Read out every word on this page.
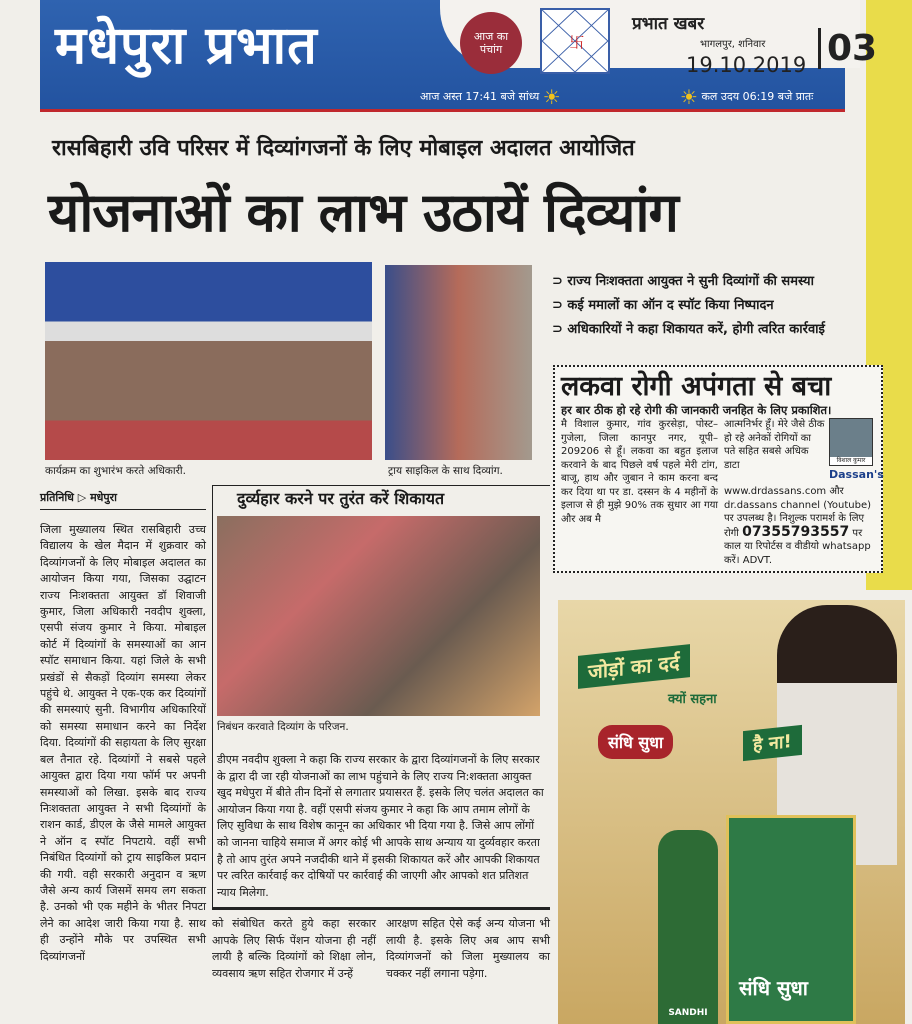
मधेपुरा प्रभात	आज का पंचांग	卐
प्रभात खबर
भागलपुर, शनिवार
19.10.2019 03
आज अस्त 17:41 बजे सांध्य ☀	☀ कल उदय 06:19 बजे प्रातः
रासबिहारी उवि परिसर में दिव्यांगजनों के लिए मोबाइल अदालत आयोजित
योजनाओं का लाभ उठायें दिव्यांग
कार्यक्रम का शुभारंभ करते अधिकारी.	ट्राय साइकिल के साथ दिव्यांग.
⊃ राज्य निःशक्तता आयुक्त ने सुनी दिव्यांगों की समस्या
⊃ कई ममालों का ऑन द स्पॉट किया निष्पादन
⊃ अधिकारियों ने कहा शिकायत करें, होगी त्वरित कार्रवाई
लकवा रोगी अपंगता से बचा
हर बार ठीक हो रहे रोगी की जानकारी जनहित के लिए प्रकाशित।
मै विशाल कुमार, गांव कुरसेड़ा, पोस्ट–गुजेला, जिला कानपुर नगर, यूपी–209206 से हूँ। लकवा का बहुत इलाज करवाने के बाद पिछले वर्ष पहले मेरी टांग, बाजू, हाथ और जुबान ने काम करना बन्द कर दिया था पर डा. दस्सन के 4 महीनों के इलाज से ही मुझे 90% तक सुधार आ गया और अब मै
विशाल कुमार
Dassan's
आत्मनिर्भर हूँ। मेरे जैसे ठीक हो रहे अनेकों रोगियों का पते सहित सबसे अधिक डाटा www.drdassans.com और dr.dassans channel (Youtube) पर उपलब्ध है। निशुल्क परामर्श के लिए रोगी 07355793557 पर काल या रिपोर्टस व वीडीयो whatsapp करें। ADVT.
प्रतिनिधि ▷ मधेपुरा
जिला मुख्यालय स्थित रासबिहारी उच्च विद्यालय के खेल मैदान में शुक्रवार को दिव्यांगजनों के लिए मोबाइल अदालत का आयोजन किया गया, जिसका उद्घाटन राज्य निःशक्तता आयुक्त डॉ शिवाजी कुमार, जिला अधिकारी नवदीप शुक्ला, एसपी संजय कुमार ने किया. मोबाइल कोर्ट में दिव्यांगों के समस्याओं का आन स्पॉट समाधान किया. यहां जिले के सभी प्रखंडों से सैकड़ों दिव्यांग समस्या लेकर पहुंचे थे. आयुक्त ने एक-एक कर दिव्यांगों की समस्याएं सुनी. विभागीय अधिकारियों को समस्या समाधान करने का निर्देश दिया. दिव्यांगों की सहायता के लिए सुरक्षा बल तैनात रहे. दिव्यांगों ने सबसे पहले आयुक्त द्वारा दिया गया फॉर्म पर अपनी समस्याओं को लिखा. इसके बाद राज्य निःशक्तता आयुक्त ने सभी दिव्यांगों के राशन कार्ड, डीएल के जैसे मामले आयुक्त ने ऑन द स्पॉट निपटाये. वहीं सभी निबंधित दिव्यांगों को ट्राय साइकिल प्रदान की गयी. वही सरकारी अनुदान व ऋण जैसे अन्य कार्य जिसमें समय लग सकता है. उनको भी एक महीने के भीतर निपटा लेने का आदेश जारी किया गया है. साथ ही उन्होंने मौके पर उपस्थित सभी दिव्यांगजनों
दुर्व्यहार करने पर तुरंत करें शिकायत
निबंधन करवाते दिव्यांग के परिजन.
डीएम नवदीप शुक्ला ने कहा कि राज्य सरकार के द्वारा दिव्यांगजनों के लिए सरकार के द्वारा दी जा रही योजनाओं का लाभ पहुंचाने के लिए राज्य नि:शक्तता आयुक्त खुद मधेपुरा में बीते तीन दिनों से लगातार प्रयासरत हैं. इसके लिए चलंत अदालत का आयोजन किया गया है. वहीं एसपी संजय कुमार ने कहा कि आप तमाम लोगों के लिए सुविधा के साथ विशेष कानून का अधिकार भी दिया गया है. जिसे आप लोंगों को जानना चाहिये समाज में अगर कोई भी आपके साथ अन्याय या दुर्व्यवहार करता है तो आप तुरंत अपने नजदीकी थाने में इसकी शिकायत करें और आपकी शिकायत पर त्वरित कार्रवाई कर दोषियों पर कार्रवाई की जाएगी और आपको शत प्रतिशत न्याय मिलेगा.
को संबोधित करते हुये कहा सरकार आपके लिए सिर्फ पेंशन योजना ही नहीं लायी है बल्कि दिव्यांगों को शिक्षा लोन, व्यवसाय ऋण सहित रोजगार में उन्हें
आरक्षण सहित ऐसे कई अन्य योजना भी लायी है. इसके लिए अब आप सभी दिव्यांगजनों को जिला मुख्यालय का चक्कर नहीं लगाना पड़ेगा.
जोड़ों का दर्द
क्यों सहना
संधि सुधा	है ना!
SANDHI
संधि सुधा
